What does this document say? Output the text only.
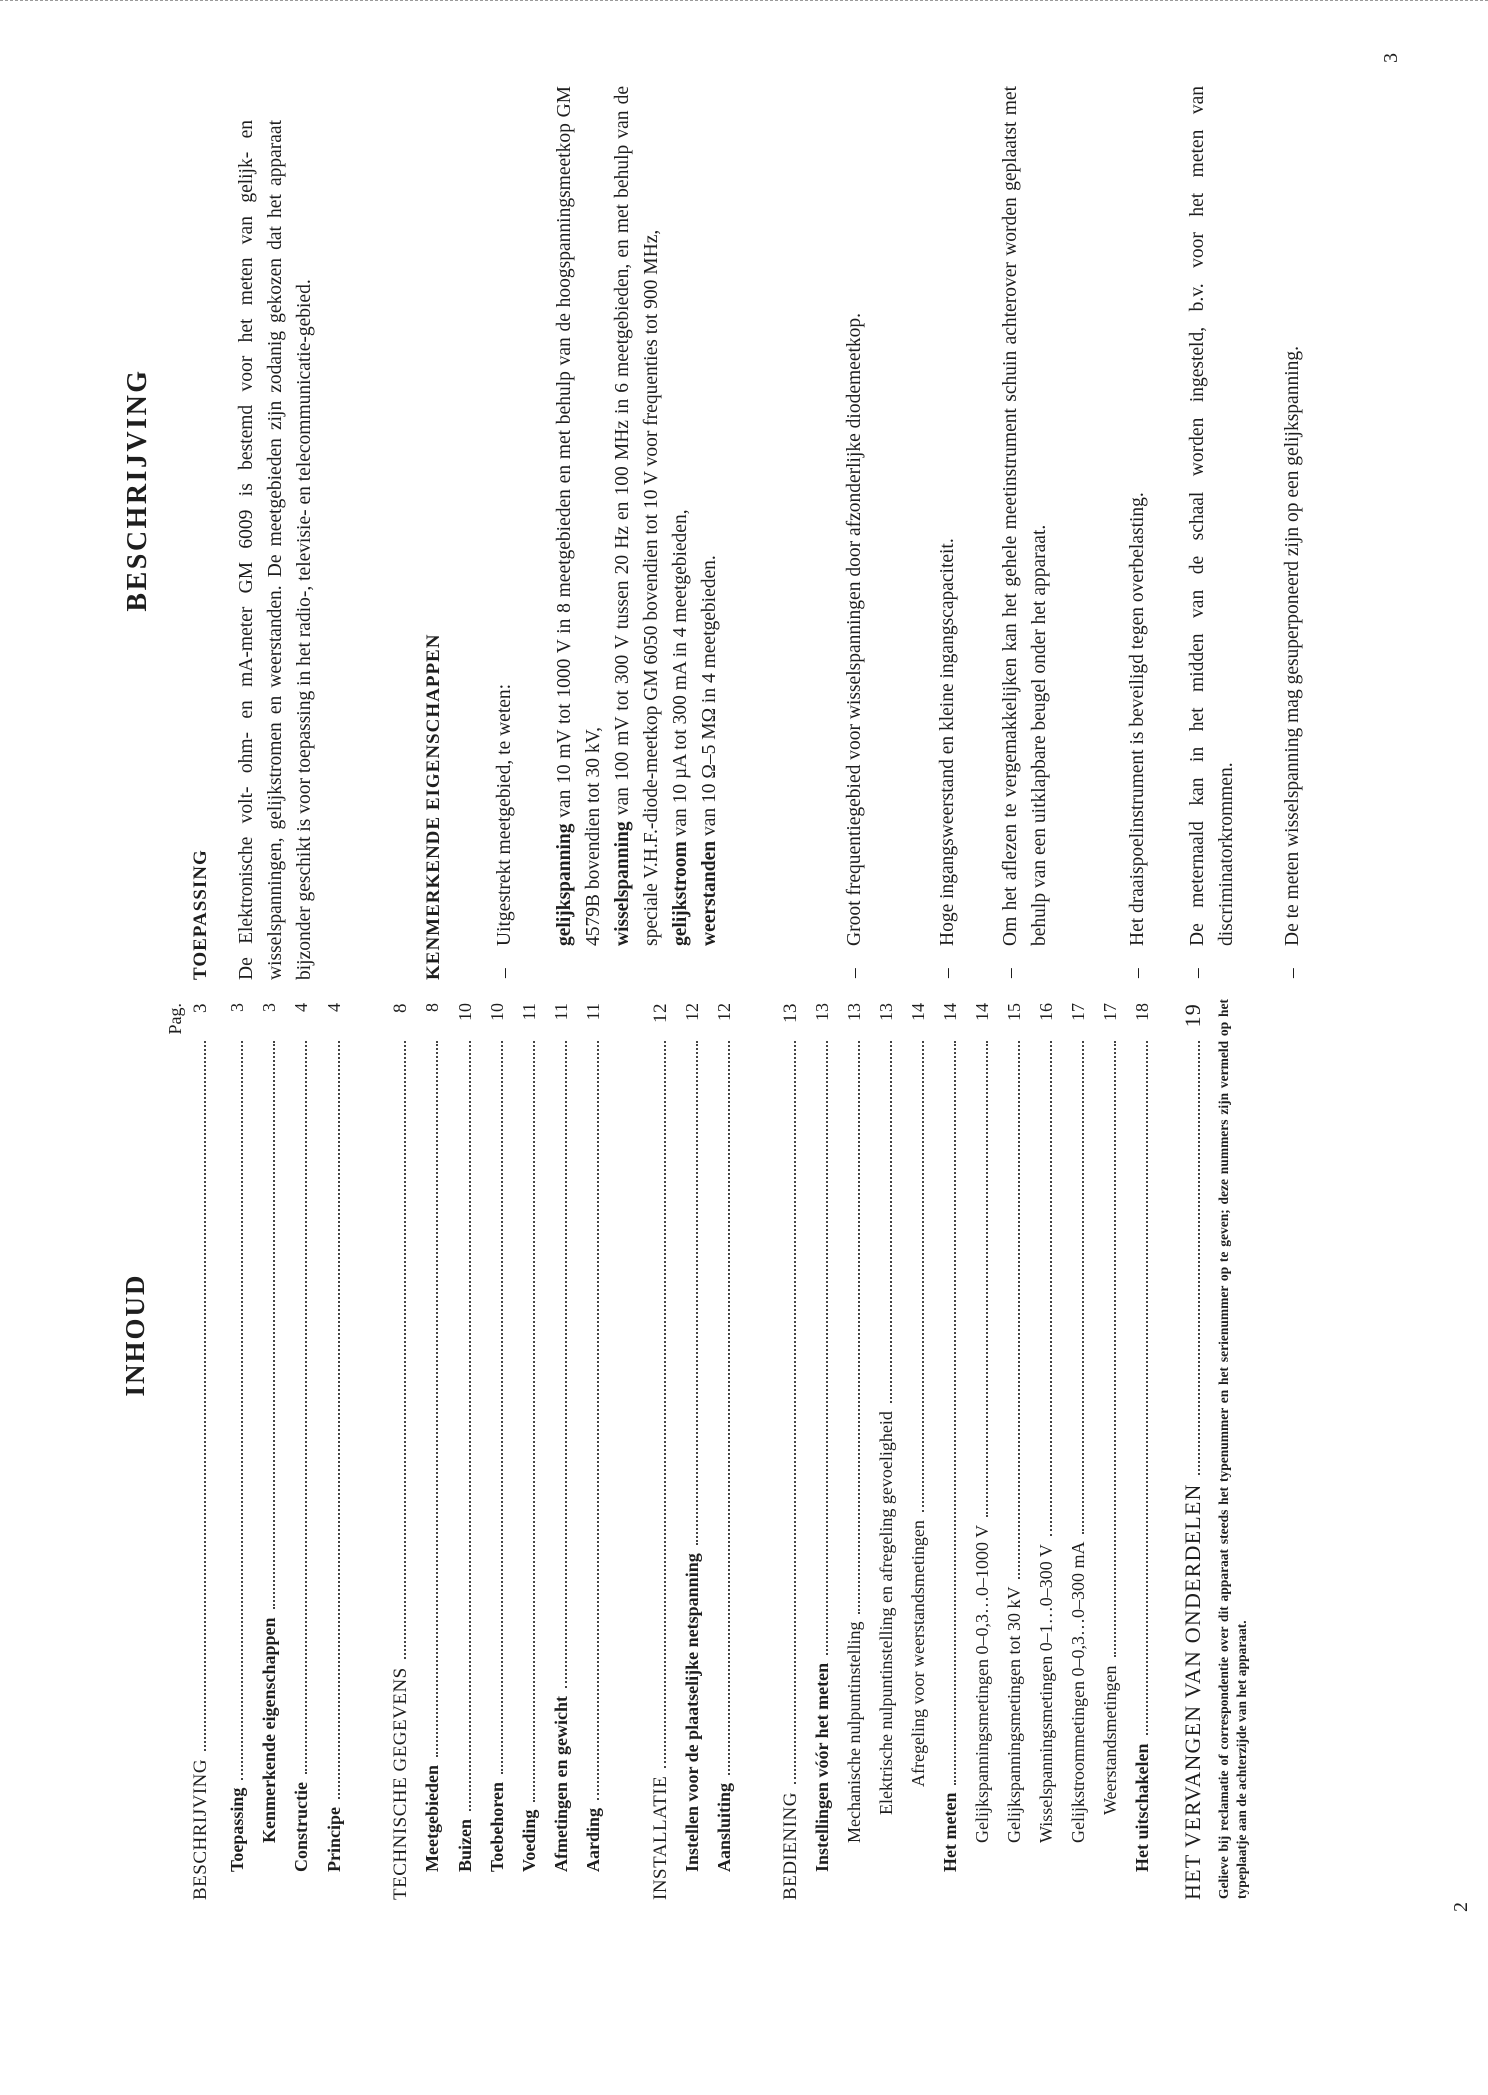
INHOUD
Pag.
BESCHRIJVING
3
Toepassing
3
Kenmerkende eigenschappen
3
Constructie
4
Principe
4
TECHNISCHE GEGEVENS
8
Meetgebieden
8
Buizen
10
Toebehoren
10
Voeding
11
Afmetingen en gewicht
11
Aarding
11
INSTALLATIE
12
Instellen voor de plaatselijke netspanning
12
Aansluiting
12
BEDIENING
13
Instellingen vóór het meten
13
Mechanische nulpuntinstelling
13
Elektrische nulpuntinstelling en afregeling gevoeligheid
13
Afregeling voor weerstandsmetingen
14
Het meten
14
Gelijkspanningsmetingen 0–0,3…0–1000 V
14
Gelijkspanningsmetingen tot 30 kV
15
Wisselspanningsmetingen 0–1…0–300 V
16
Gelijkstroommetingen 0–0,3…0–300 mA
17
Weerstandsmetingen
17
Het uitschakelen
18
HET VERVANGEN VAN ONDERDELEN
19 Gelieve bij reclamatie of correspondentie over dit apparaat steeds het typenummer en het serienummer op te geven; deze nummers zijn vermeld op het typeplaatje aan de achterzijde van het apparaat.
2
BESCHRIJVING
TOEPASSING De Elektronische volt- ohm- en mA-meter GM 6009 is bestemd voor het meten van gelijk- en wisselspanningen, gelijkstromen en weerstanden. De meetgebieden zijn zodanig gekozen dat het apparaat bijzonder geschikt is voor toepassing in het radio-, televisie- en telecommunicatie-gebied.	KENMERKENDE EIGENSCHAPPEN	–
Uitgestrekt meetgebied, te weten: gelijkspanning van 10 mV tot 1000 V in 8 meetgebieden en met behulp van de hoogspanningsmeetkop GM 4579B bovendien tot 30 kV, wisselspanning van 100 mV tot 300 V tussen 20 Hz en 100 MHz in 6 meetgebieden, en met behulp van de speciale V.H.F.-diode-meetkop GM 6050 bovendien tot 10 V voor frequenties tot 900 MHz, gelijkstroom van 10 µA tot 300 mA in 4 meetgebieden,
weerstanden van 10 Ω–5 MΩ in 4 meetgebieden.
–
Groot frequentiegebied voor wisselspanningen door afzonderlijke diodemeetkop.
–
Hoge ingangsweerstand en kleine ingangscapaciteit.
–
Om het aflezen te vergemakkelijken kan het gehele meetinstrument schuin achterover worden geplaatst met behulp van een uitklapbare beugel onder het apparaat.
–
Het draaispoelinstrument is beveiligd tegen overbelasting.
–
De meternaald kan in het midden van de schaal worden ingesteld, b.v. voor het meten van discriminatorkrommen.
–
De te meten wisselspanning mag gesuperponeerd zijn op een gelijkspanning.
3
